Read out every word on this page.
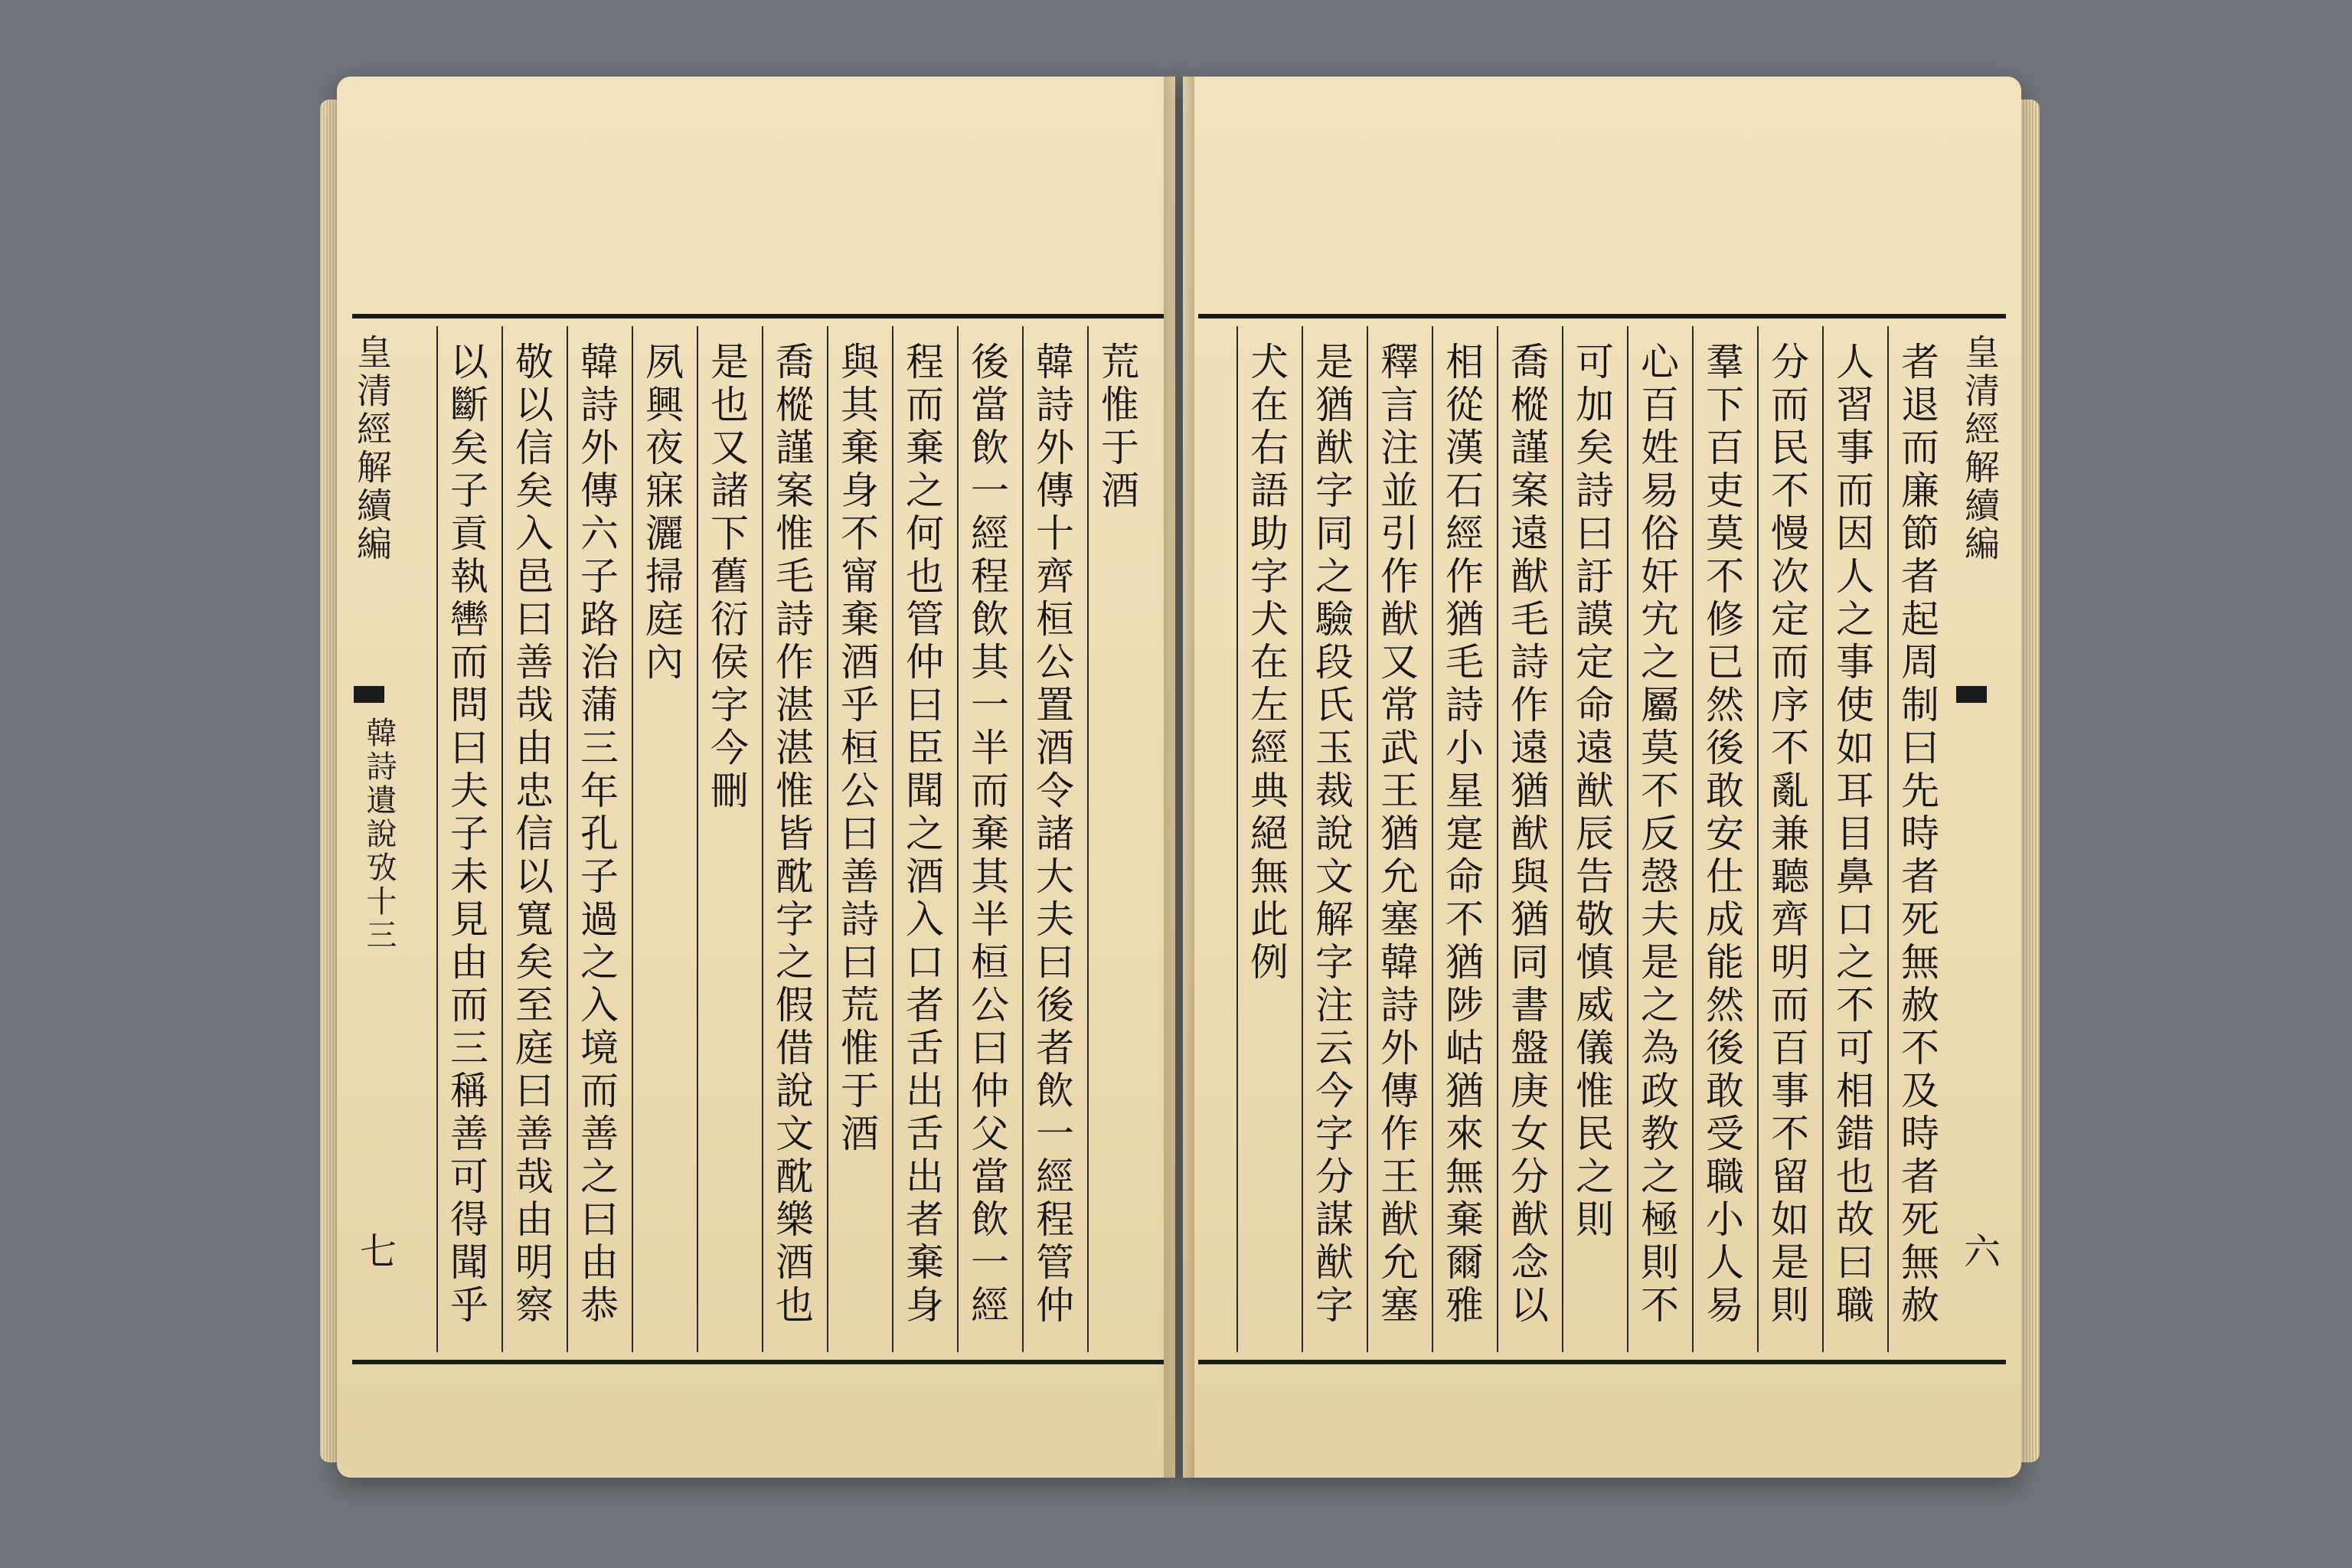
皇清經解續編
韓詩遺說攷十三
七
荒惟于酒
韓詩外傳十齊桓公置酒令諸大夫曰後者飲一經程管仲
後當飲一經程飲其一半而棄其半桓公曰仲父當飲一經
程而棄之何也管仲曰臣聞之酒入口者舌出舌出者棄身
與其棄身不甯棄酒乎桓公曰善詩曰荒惟于酒
喬樅謹案惟毛詩作湛湛惟皆酖字之假借說文酖樂酒也
是也又諸下舊衍侯字今刪
夙興夜寐灑掃庭內
韓詩外傳六子路治蒲三年孔子過之入境而善之曰由恭
敬以信矣入邑曰善哉由忠信以寬矣至庭曰善哉由明察
以斷矣子貢執轡而問曰夫子未見由而三稱善可得聞乎	皇清經解續編
六
者退而廉節者起周制曰先時者死無赦不及時者死無赦
人習事而因人之事使如耳目鼻口之不可相錯也故曰職
分而民不慢次定而序不亂兼聽齊明而百事不留如是則
羣下百吏莫不修已然後敢安仕成能然後敢受職小人易
心百姓易俗奸宄之屬莫不反愨夫是之為政教之極則不
可加矣詩曰訏謨定命遠猷辰告敬慎威儀惟民之則
喬樅謹案遠猷毛詩作遠猶猷與猶同書盤庚女分猷念以
相從漢石經作猶毛詩小星寔命不猶陟岵猶來無棄爾雅
釋言注並引作猷又常武王猶允塞韓詩外傳作王猷允塞
是猶猷字同之驗段氏玉裁說文解字注云今字分謀猷字
犬在右語助字犬在左經典絕無此例
